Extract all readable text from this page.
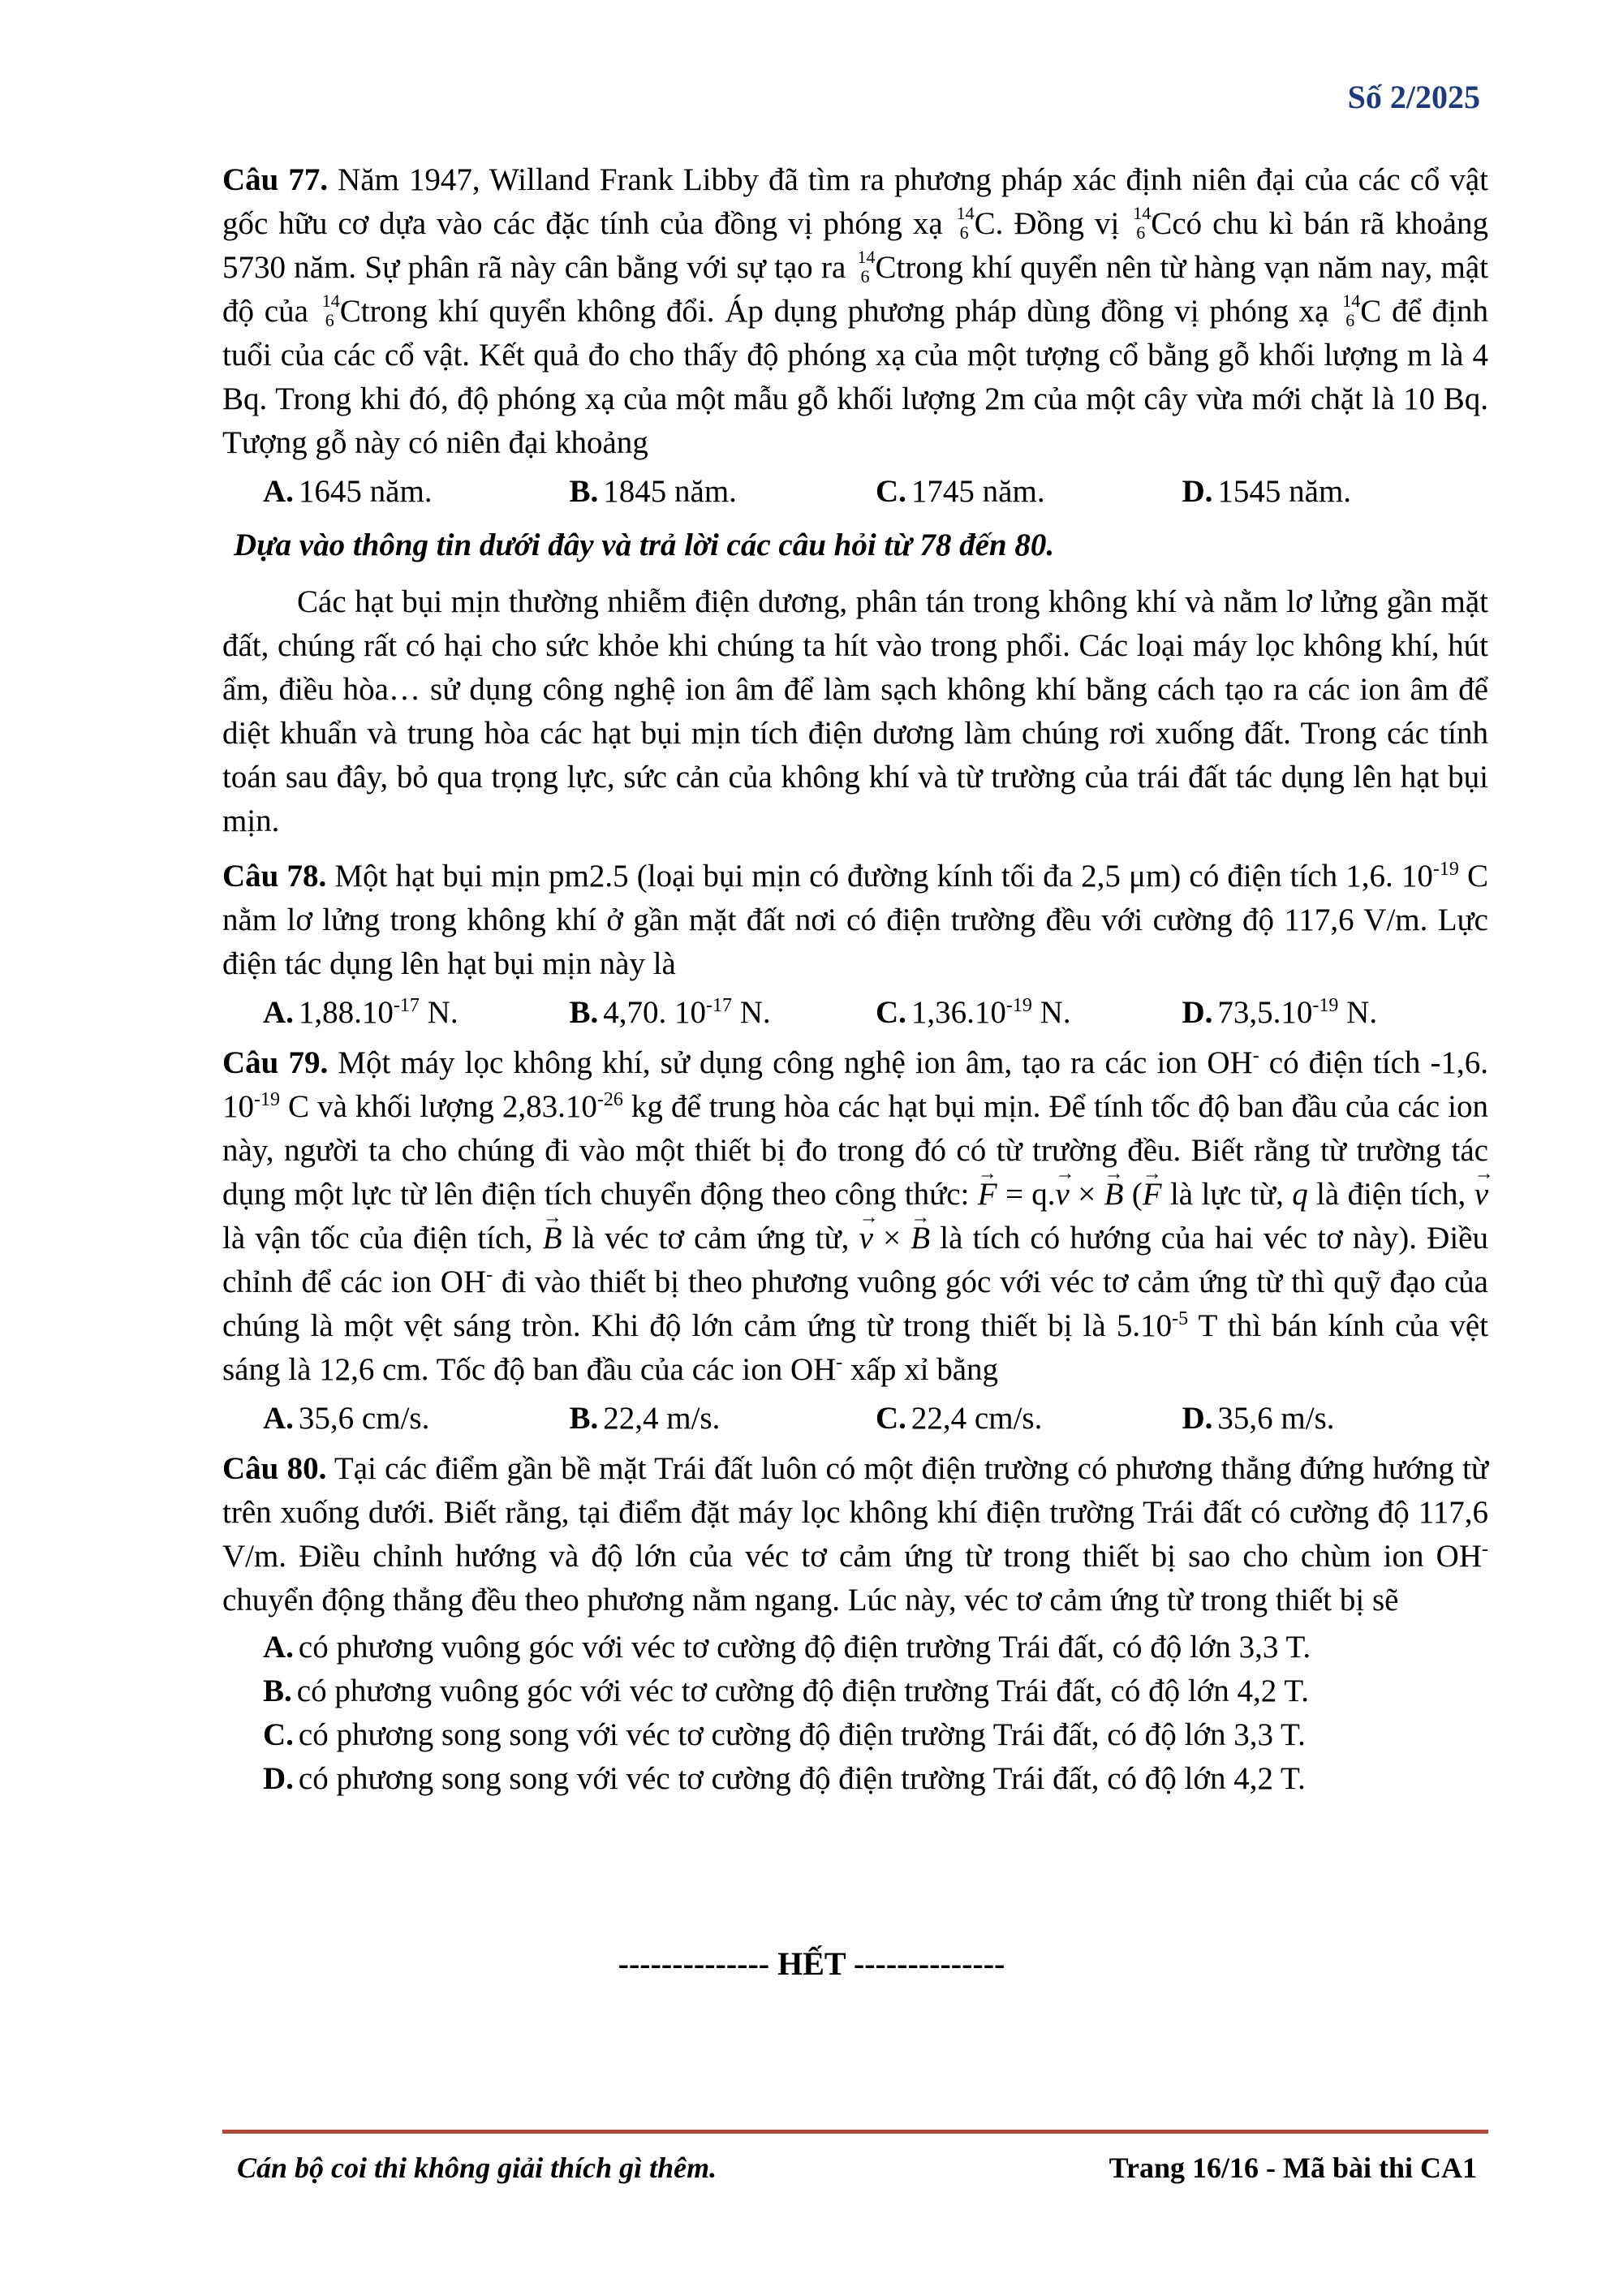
Số 2/2025

Câu 77. Năm 1947, Willand Frank Libby đã tìm ra phương pháp xác định niên đại của các cổ vật gốc hữu cơ dựa vào các đặc tính của đồng vị phóng xạ 14
6 C. Đồng vị 14
6 Ccó chu kì bán rã khoảng 5730 năm. Sự phân rã này cân bằng với sự tạo ra 14
6 Ctrong khí quyển nên từ hàng vạn năm nay, mật độ của 14
6 Ctrong khí quyển không đổi. Áp dụng phương pháp dùng đồng vị phóng xạ 14
6 C để định tuổi của các cổ vật. Kết quả đo cho thấy độ phóng xạ của một tượng cổ bằng gỗ khối lượng m là 4 Bq. Trong khi đó, độ phóng xạ của một mẫu gỗ khối lượng 2m của một cây vừa mới chặt là 10 Bq. Tượng gỗ này có niên đại khoảng

A. 1645 năm.	B. 1845 năm.	C. 1745 năm.	D. 1545 năm.

Dựa vào thông tin dưới đây và trả lời các câu hỏi từ 78 đến 80.

Các hạt bụi mịn thường nhiễm điện dương, phân tán trong không khí và nằm lơ lửng gần mặt đất, chúng rất có hại cho sức khỏe khi chúng ta hít vào trong phổi. Các loại máy lọc không khí, hút ẩm, điều hòa… sử dụng công nghệ ion âm để làm sạch không khí bằng cách tạo ra các ion âm để diệt khuẩn và trung hòa các hạt bụi mịn tích điện dương làm chúng rơi xuống đất. Trong các tính toán sau đây, bỏ qua trọng lực, sức cản của không khí và từ trường của trái đất tác dụng lên hạt bụi mịn.

Câu 78. Một hạt bụi mịn pm2.5 (loại bụi mịn có đường kính tối đa 2,5 μm) có điện tích 1,6. $10^{-19}$ C nằm lơ lửng trong không khí ở gần mặt đất nơi có điện trường đều với cường độ 117,6 V/m. Lực điện tác dụng lên hạt bụi mịn này là

A. $1,88.10^{-17}$ N.	B. 4,70. $10^{-17}$ N.	C. $1,36.10^{-19}$ N.	D. $73,5.10^{-19}$ N.

Câu 79. Một máy lọc không khí, sử dụng công nghệ ion âm, tạo ra các ion OH- có điện tích -1,6. $10^{-19}$ C và khối lượng $2,83.10^{-26}$ kg để trung hòa các hạt bụi mịn. Để tính tốc độ ban đầu của các ion này, người ta cho chúng đi vào một thiết bị đo trong đó có từ trường đều. Biết rằng từ trường tác dụng một lực từ lên điện tích chuyển động theo công thức: → F = q.→ v × → B (→ F là lực từ, q là điện tích, → v là vận tốc của điện tích, → B là véc tơ cảm ứng từ, → v × → B là tích có hướng của hai véc tơ này). Điều chỉnh để các ion OH- đi vào thiết bị theo phương vuông góc với véc tơ cảm ứng từ thì quỹ đạo của chúng là một vệt sáng tròn. Khi độ lớn cảm ứng từ trong thiết bị là $5.10^{-5}$ T thì bán kính của vệt sáng là 12,6 cm. Tốc độ ban đầu của các ion OH- xấp xỉ bằng

A. 35,6 cm/s.	B. 22,4 m/s.	C. 22,4 cm/s.	D. 35,6 m/s.

Câu 80. Tại các điểm gần bề mặt Trái đất luôn có một điện trường có phương thẳng đứng hướng từ trên xuống dưới. Biết rằng, tại điểm đặt máy lọc không khí điện trường Trái đất có cường độ 117,6 V/m. Điều chỉnh hướng và độ lớn của véc tơ cảm ứng từ trong thiết bị sao cho chùm ion OH- chuyển động thẳng đều theo phương nằm ngang. Lúc này, véc tơ cảm ứng từ trong thiết bị sẽ

A. có phương vuông góc với véc tơ cường độ điện trường Trái đất, có độ lớn 3,3 T.
B. có phương vuông góc với véc tơ cường độ điện trường Trái đất, có độ lớn 4,2 T.
C. có phương song song với véc tơ cường độ điện trường Trái đất, có độ lớn 3,3 T.
D. có phương song song với véc tơ cường độ điện trường Trái đất, có độ lớn 4,2 T.
-------------- HẾT --------------
Cán bộ coi thi không giải thích gì thêm.	Trang 16/16 - Mã bài thi CA1
